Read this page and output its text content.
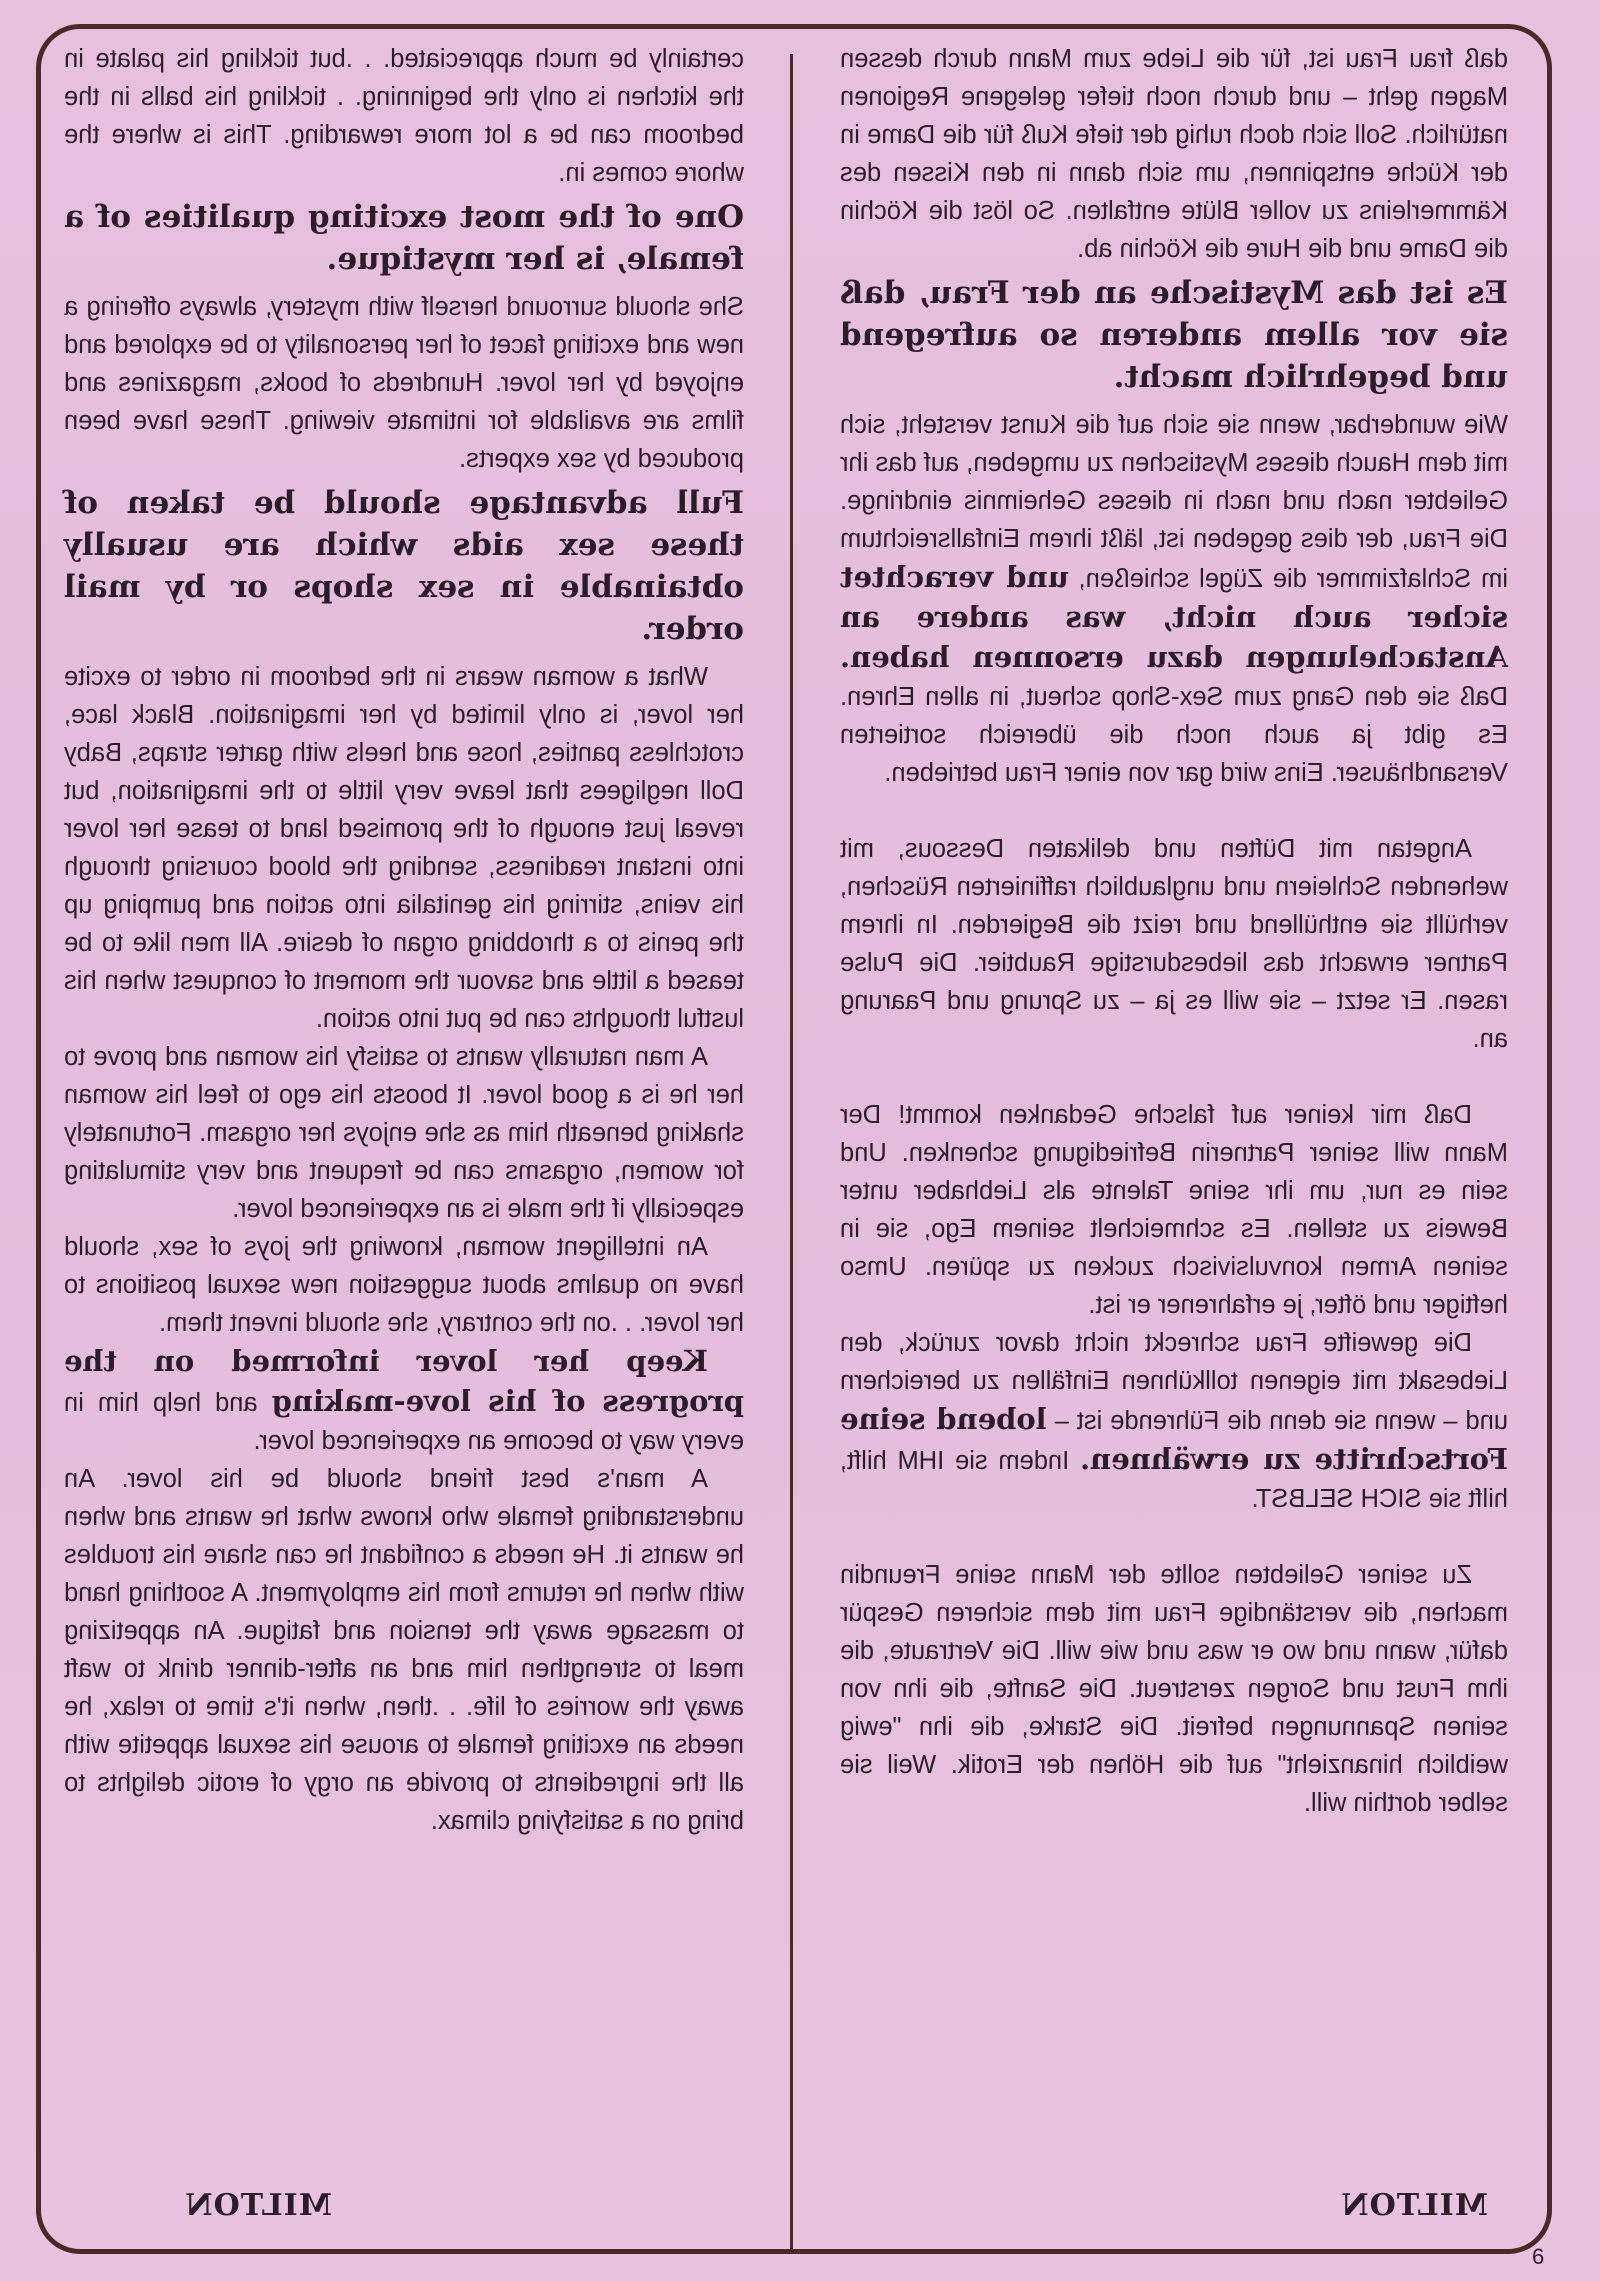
certainly be much appreciated. . .but tickling his palate in the kitchen is only the beginning. . tickling his balls in the bedroom can be a lot more rewarding. This is where the whore comes in.

One of the most exciting qualities of a female, is her mystique.

She should surround herself with mystery, always offering a new and exciting facet of her personality to be explored and enjoyed by her lover. Hundreds of books, magazines and films are available for intimate viewing. These have been produced by sex experts.

Full advantage should be taken of these sex aids which are usually obtainable in sex shops or by mail order.

What a woman wears in the bedroom in order to excite her lover, is only limited by her imagination. Black lace, crotchless panties, hose and heels with garter straps, Baby Doll negligees that leave very little to the imagination, but reveal just enough of the promised land to tease her lover into instant readiness, sending the blood coursing through his veins, stirring his genitalia into action and pumping up the penis to a throbbing organ of desire. All men like to be teased a little and savour the moment of conquest when his lustful thoughts can be put into action.

A man naturally wants to satisfy his woman and prove to her he is a good lover. It boosts his ego to feel his woman shaking beneath him as she enjoys her orgasm. Fortunately for women, orgasms can be frequent and very stimulating especially if the male is an experienced lover.

An intelligent woman, knowing the joys of sex, should have no qualms about suggestion new sexual positions to her lover. . .on the contrary, she should invent them.

Keep her lover informed on the progress of his love-making and help him in every way to become an experienced lover.

A man's best friend should be his lover. An understanding female who knows what he wants and when he wants it. He needs a confidant he can share his troubles with when he returns from his employment. A soothing hand to massage away the tension and fatigue. An appetizing meal to strengthen him and an after-dinner drink to waft away the worries of life. . .then, when it's time to relax, he needs an exciting female to arouse his sexual appetite with all the ingredients to provide an orgy of erotic delights to bring on a satisfying climax.

daß frau Frau ist, für die Liebe zum Mann durch dessen Magen geht – und durch noch tiefer gelegene Regionen natürlich. Soll sich doch ruhig der tiefe Kuß für die Dame in der Küche entspinnen, um sich dann in den Kissen des Kämmerleins zu voller Blüte entfalten. So löst die Köchin die Dame und die Hure die Köchin ab.

Es ist das Mystische an der Frau, daß sie vor allem anderen so aufregend und begehrlich macht.

Wie wunderbar, wenn sie sich auf die Kunst versteht, sich mit dem Hauch dieses Mystischen zu umgeben, auf das ihr Geliebter nach und nach in dieses Geheimnis eindringe. Die Frau, der dies gegeben ist, läßt ihrem Einfallsreichtum im Schlafzimmer die Zügel schießen, und verachtet sicher auch nicht, was andere an Anstachelungen dazu ersonnen haben. Daß sie den Gang zum Sex-Shop scheut, in allen Ehren. Es gibt ja auch noch die übereich sortierten Versandhäuser. Eins wird gar von einer Frau betrieben.

Angetan mit Düften und delikaten Dessous, mit wehenden Schleiern und unglaublich raffinierten Rüschen, verhüllt sie enthüllend und reizt die Begierden. In ihrem Partner erwacht das liebesdurstige Raubtier. Die Pulse rasen. Er setzt – sie will es ja – zu Sprung und Paarung an.

Daß mir keiner auf falsche Gedanken kommt! Der Mann will seiner Partnerin Befriedigung schenken. Und sein es nur, um ihr seine Talente als Liebhaber unter Beweis zu stellen. Es schmeichelt seinem Ego, sie in seinen Armen konvulsivisch zucken zu spüren. Umso heftiger und öfter, je erfahrener er ist.

Die geweifte Frau schreckt nicht davor zurück, den Liebesakt mit eigenen tollkühnen Einfällen zu bereichern und – wenn sie denn die Führende ist – lobend seine Fortschritte zu erwähnen. Indem sie IHM hilft, hilft sie SICH SELBST.

Zu seiner Geliebten sollte der Mann seine Freundin machen, die verständige Frau mit dem sicheren Gespür dafür, wann und wo er was und wie will. Die Vertraute, die ihm Frust und Sorgen zerstreut. Die Sanfte, die ihn von seinen Spannungen befreit. Die Starke, die ihn "ewig weiblich hinanzieht" auf die Höhen der Erotik. Weil sie selber dorthin will.

MILTON	MILTON
6
